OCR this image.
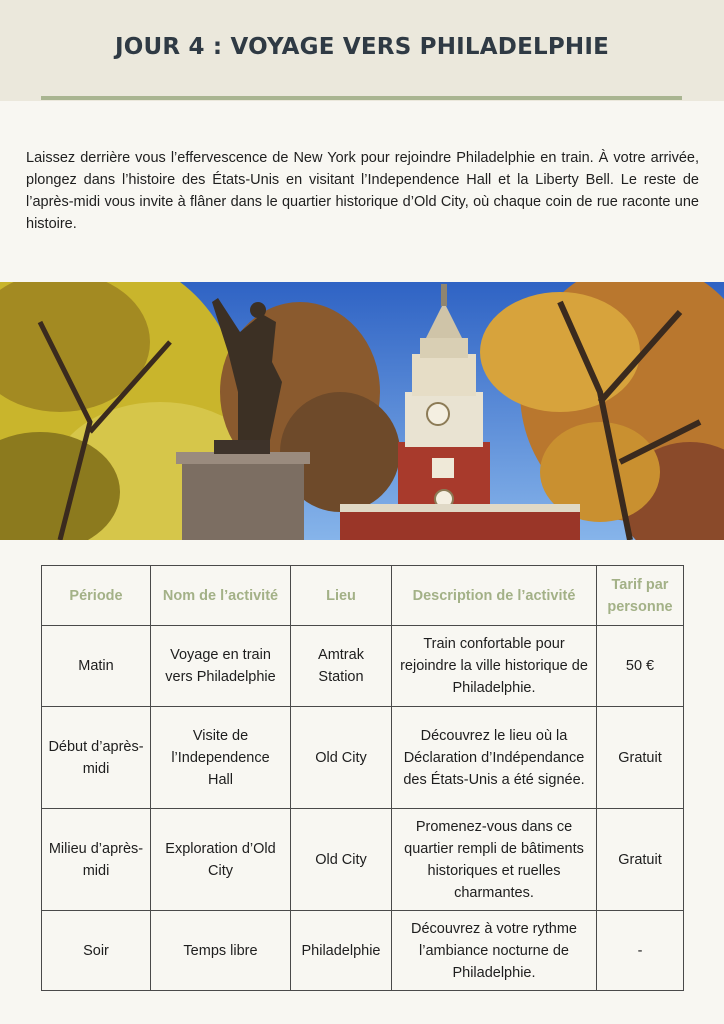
JOUR 4 : VOYAGE VERS PHILADELPHIE

Laissez derrière vous l’effervescence de New York pour rejoindre Philadelphie en train. À votre arrivée, plongez dans l’histoire des États-Unis en visitant l’Independence Hall et la Liberty Bell. Le reste de l’après-midi vous invite à flâner dans le quartier historique d’Old City, où chaque coin de rue raconte une histoire.

Période	Nom de l’activité	Lieu	Description de l’activité	Tarif par personne
Matin	Voyage en train vers Philadelphie	Amtrak Station	Train confortable pour rejoindre la ville historique de Philadelphie.	50 €
Début d’après-midi	Visite de l’Independence Hall	Old City	Découvrez le lieu où la Déclaration d’Indépendance des États-Unis a été signée.	Gratuit
Milieu d’après-midi	Exploration d’Old City	Old City	Promenez-vous dans ce quartier rempli de bâtiments historiques et ruelles charmantes.	Gratuit
Soir	Temps libre	Philadelphie	Découvrez à votre rythme l’ambiance nocturne de Philadelphie.	-
